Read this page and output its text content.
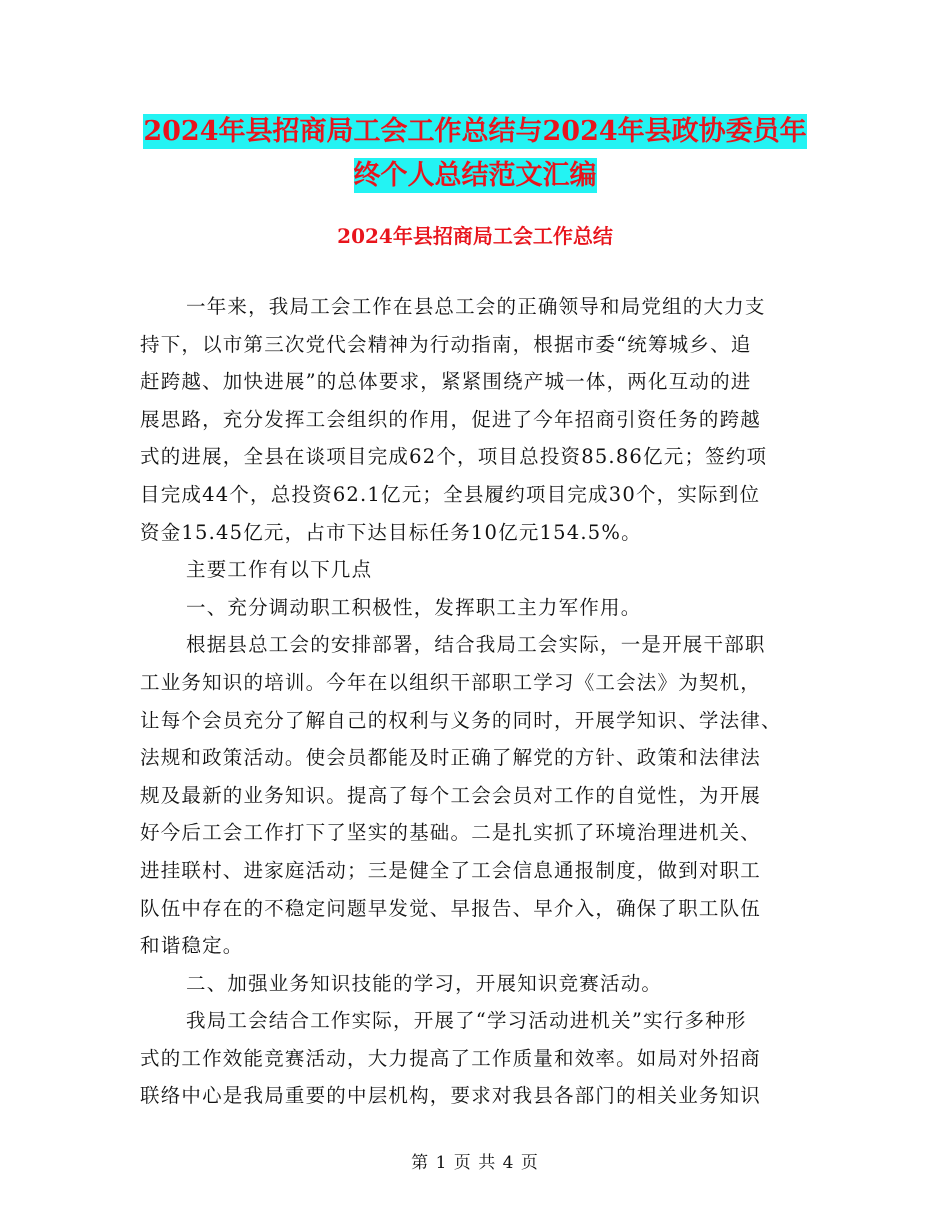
2024年县招商局工会工作总结与2024年县政协委员年
终个人总结范文汇编
2024年县招商局工会工作总结
一年来，我局工会工作在县总工会的正确领导和局党组的大力支
持下，以市第三次党代会精神为行动指南，根据市委“统筹城乡、追
赶跨越、加快进展”的总体要求，紧紧围绕产城一体，两化互动的进
展思路，充分发挥工会组织的作用，促进了今年招商引资任务的跨越
式的进展，全县在谈项目完成62个，项目总投资85.86亿元；签约项
目完成44个，总投资62.1亿元；全县履约项目完成30个，实际到位
资金15.45亿元，占市下达目标任务10亿元154.5%。
主要工作有以下几点
一、充分调动职工积极性，发挥职工主力军作用。
根据县总工会的安排部署，结合我局工会实际，一是开展干部职
工业务知识的培训。今年在以组织干部职工学习《工会法》为契机，
让每个会员充分了解自己的权利与义务的同时，开展学知识、学法律、
法规和政策活动。使会员都能及时正确了解党的方针、政策和法律法
规及最新的业务知识。提高了每个工会会员对工作的自觉性，为开展
好今后工会工作打下了坚实的基础。二是扎实抓了环境治理进机关、
进挂联村、进家庭活动；三是健全了工会信息通报制度，做到对职工
队伍中存在的不稳定问题早发觉、早报告、早介入，确保了职工队伍
和谐稳定。
二、加强业务知识技能的学习，开展知识竞赛活动。
我局工会结合工作实际，开展了“学习活动进机关”实行多种形
式的工作效能竞赛活动，大力提高了工作质量和效率。如局对外招商
联络中心是我局重要的中层机构，要求对我县各部门的相关业务知识
第 1 页 共 4 页
